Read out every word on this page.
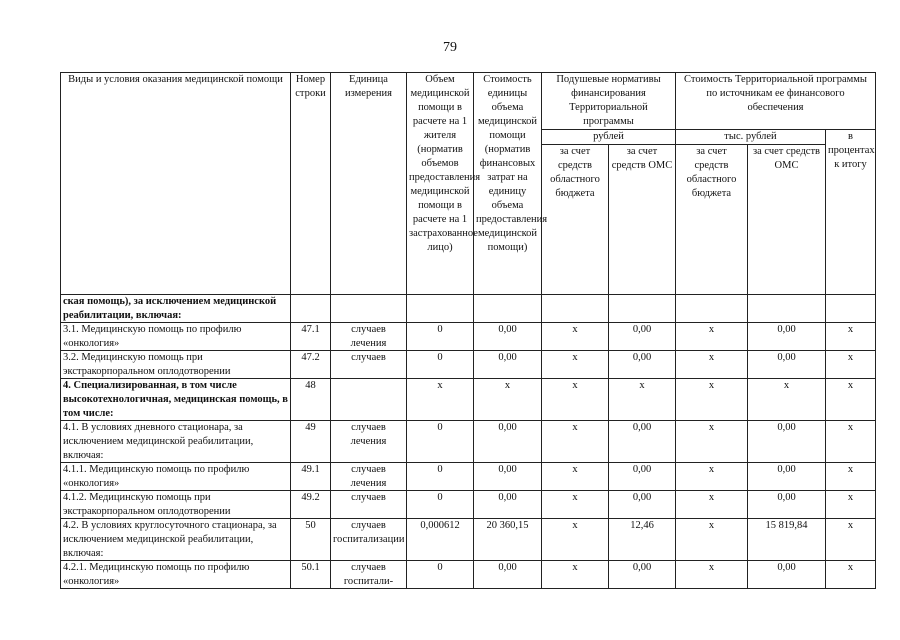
79
Виды и условия оказания медицинской помощи	Номер строки	Единица измерения	Объем медицинской помощи в расчете на 1 жителя (норматив объемов предоставления медицинской помощи в расчете на 1 застрахованное лицо)	Стоимость единицы объема медицинской помощи (норматив финансовых затрат на единицу объема предоставления медицинской помощи)	Подушевые нормативы финансирования Территориальной программы		Стоимость Территориальной программы по источникам ее финансового обеспечения		
					рублей		тыс. рублей		в процентах к итогу
					за счет средств областного бюджета	за счет средств ОМС	за счет средств областного бюджета	за счет средств ОМС	

ская помощь), за исключением медицинской реабилитации, включая:									

3.1. Медицинскую помощь по профилю «онкология»	47.1	случаев лечения	0	0,00	х	0,00	х	0,00	х

3.2. Медицинскую помощь при экстракорпоральном оплодотворении	47.2	случаев	0	0,00	х	0,00	х	0,00	х

4. Специализированная, в том числе высокотехнологичная, медицинская помощь, в том числе:	48		х	х	х	х	х	х	х

4.1. В условиях дневного стационара, за исключением медицинской реабилитации, включая:	49	случаев лечения	0	0,00	х	0,00	х	0,00	х

4.1.1. Медицинскую помощь по профилю «онкология»	49.1	случаев лечения	0	0,00	х	0,00	х	0,00	х

4.1.2. Медицинскую помощь при экстракорпоральном оплодотворении	49.2	случаев	0	0,00	х	0,00	х	0,00	х

4.2. В условиях круглосуточного стационара, за исключением медицинской реабилитации, включая:	50	случаев госпитализации	0,000612	20 360,15	х	12,46	х	15 819,84	х

4.2.1. Медицинскую помощь по профилю «онкология»	50.1	случаев госпитали-	0	0,00	х	0,00	х	0,00	х
